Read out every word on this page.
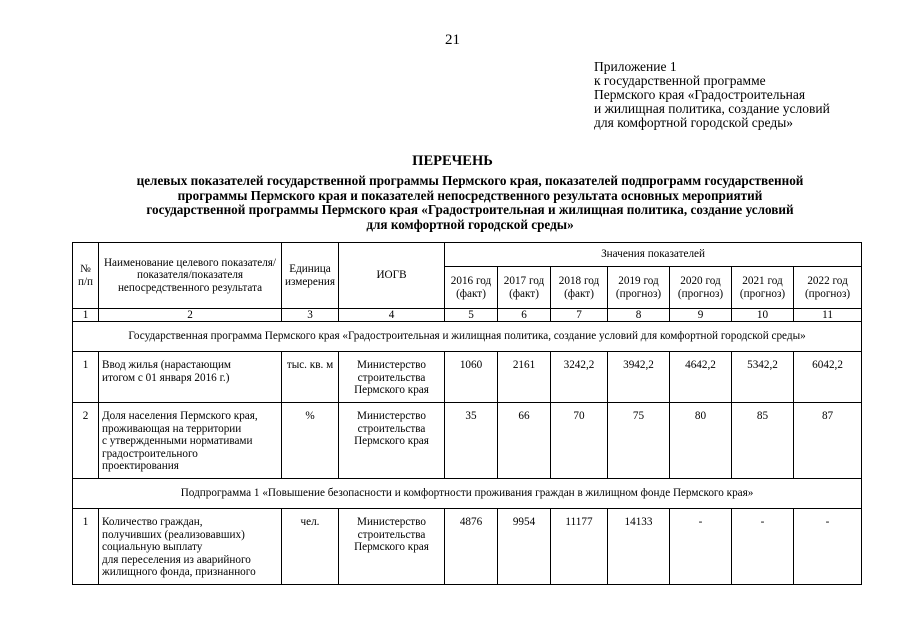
21
Приложение 1
к государственной программе
Пермского края «Градостроительная
и жилищная политика, создание условий
для комфортной городской среды»
ПЕРЕЧЕНЬ
целевых показателей государственной программы Пермского края, показателей подпрограмм государственной
программы Пермского края и показателей непосредственного результата основных мероприятий
государственной программы Пермского края «Градостроительная и жилищная политика, создание условий
для комфортной городской среды»
№ п/п	Наименование целевого показателя/показателя/показателя непосредственного результата	Единица измерения	ИОГВ	Значения показателей						
				2016 год (факт)	2017 год (факт)	2018 год (факт)	2019 год (прогноз)	2020 год (прогноз)	2021 год (прогноз)	2022 год (прогноз)
1	2	3	4	5	6	7	8	9	10	11
Государственная программа Пермского края «Градостроительная и жилищная политика, создание условий для комфортной городской среды»										
1	Ввод жилья (нарастающим
итогом с 01 января 2016 г.)	тыс. кв. м	Министерство
строительства
Пермского края	1060	2161	3242,2	3942,2	4642,2	5342,2	6042,2
2	Доля населения Пермского края,
проживающая на территории
с утвержденными нормативами
градостроительного
проектирования	%	Министерство
строительства
Пермского края	35	66	70	75	80	85	87
Подпрограмма 1 «Повышение безопасности и комфортности проживания граждан в жилищном фонде Пермского края»										
1	Количество граждан,
получивших (реализовавших)
социальную выплату
для переселения из аварийного
жилищного фонда, признанного	чел.	Министерство
строительства
Пермского края	4876	9954	11177	14133	-	-	-
